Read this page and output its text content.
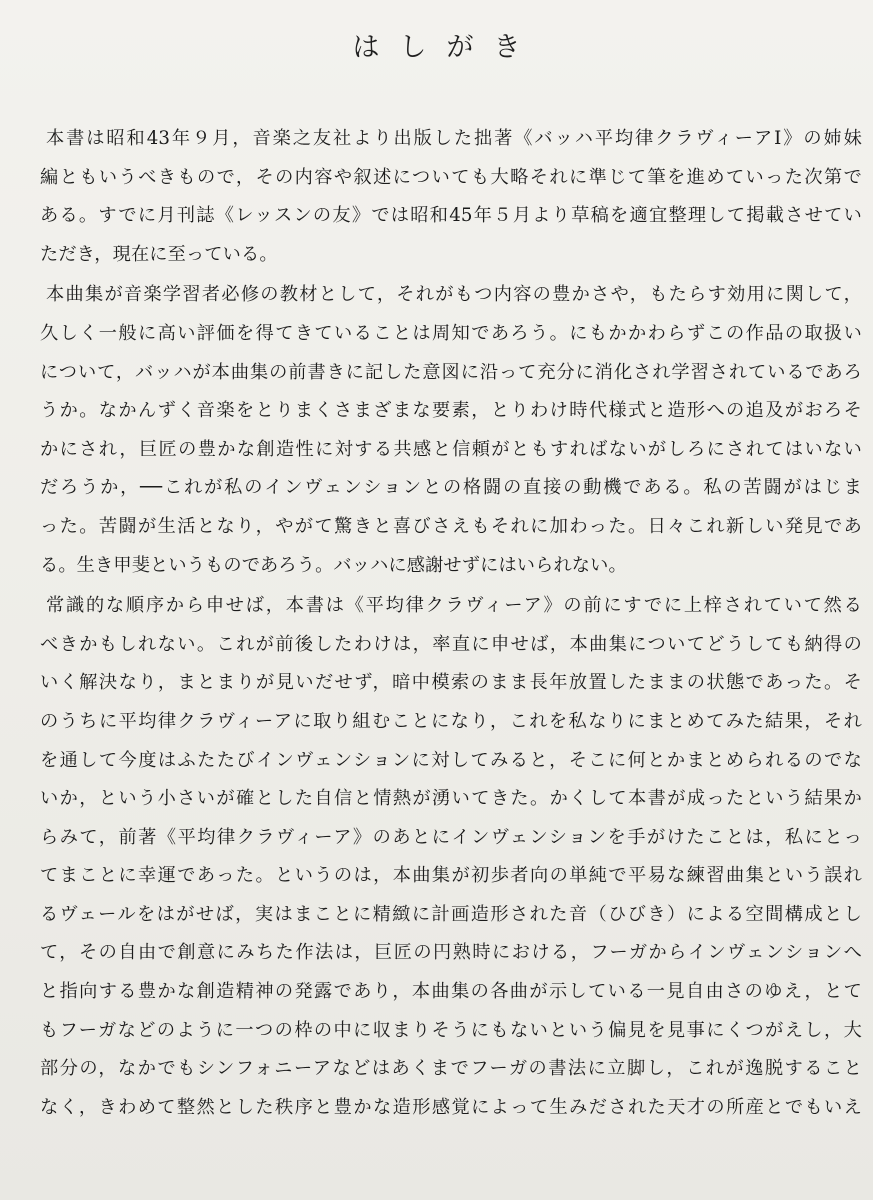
はしがき
本書は昭和43年９月，音楽之友社より出版した拙著《バッハ平均律クラヴィーアⅠ》の姉妹
編ともいうべきもので，その内容や叙述についても大略それに準じて筆を進めていった次第で
ある。すでに月刊誌《レッスンの友》では昭和45年５月より草稿を適宜整理して掲載させてい
ただき，現在に至っている。
本曲集が音楽学習者必修の教材として，それがもつ内容の豊かさや，もたらす効用に関して，
久しく一般に高い評価を得てきていることは周知であろう。にもかかわらずこの作品の取扱い
について，バッハが本曲集の前書きに記した意図に沿って充分に消化され学習されているであろ
うか。なかんずく音楽をとりまくさまざまな要素，とりわけ時代様式と造形への追及がおろそ
かにされ，巨匠の豊かな創造性に対する共感と信頼がともすればないがしろにされてはいない
だろうか，──これが私のインヴェンションとの格闘の直接の動機である。私の苦闘がはじま
った。苦闘が生活となり，やがて驚きと喜びさえもそれに加わった。日々これ新しい発見であ
る。生き甲斐というものであろう。バッハに感謝せずにはいられない。
常識的な順序から申せば，本書は《平均律クラヴィーア》の前にすでに上梓されていて然る
べきかもしれない。これが前後したわけは，率直に申せば，本曲集についてどうしても納得の
いく解決なり，まとまりが見いだせず，暗中模索のまま長年放置したままの状態であった。そ
のうちに平均律クラヴィーアに取り組むことになり，これを私なりにまとめてみた結果，それ
を通して今度はふたたびインヴェンションに対してみると，そこに何とかまとめられるのでな
いか，という小さいが確とした自信と情熱が湧いてきた。かくして本書が成ったという結果か
らみて，前著《平均律クラヴィーア》のあとにインヴェンションを手がけたことは，私にとっ
てまことに幸運であった。というのは，本曲集が初歩者向の単純で平易な練習曲集という誤れ
るヴェールをはがせば，実はまことに精緻に計画造形された音（ひびき）による空間構成とし
て，その自由で創意にみちた作法は，巨匠の円熟時における，フーガからインヴェンションへ
と指向する豊かな創造精神の発露であり，本曲集の各曲が示している一見自由さのゆえ，とて
もフーガなどのように一つの枠の中に収まりそうにもないという偏見を見事にくつがえし，大
部分の，なかでもシンフォニーアなどはあくまでフーガの書法に立脚し，これが逸脱すること
なく，きわめて整然とした秩序と豊かな造形感覚によって生みだされた天才の所産とでもいえ
